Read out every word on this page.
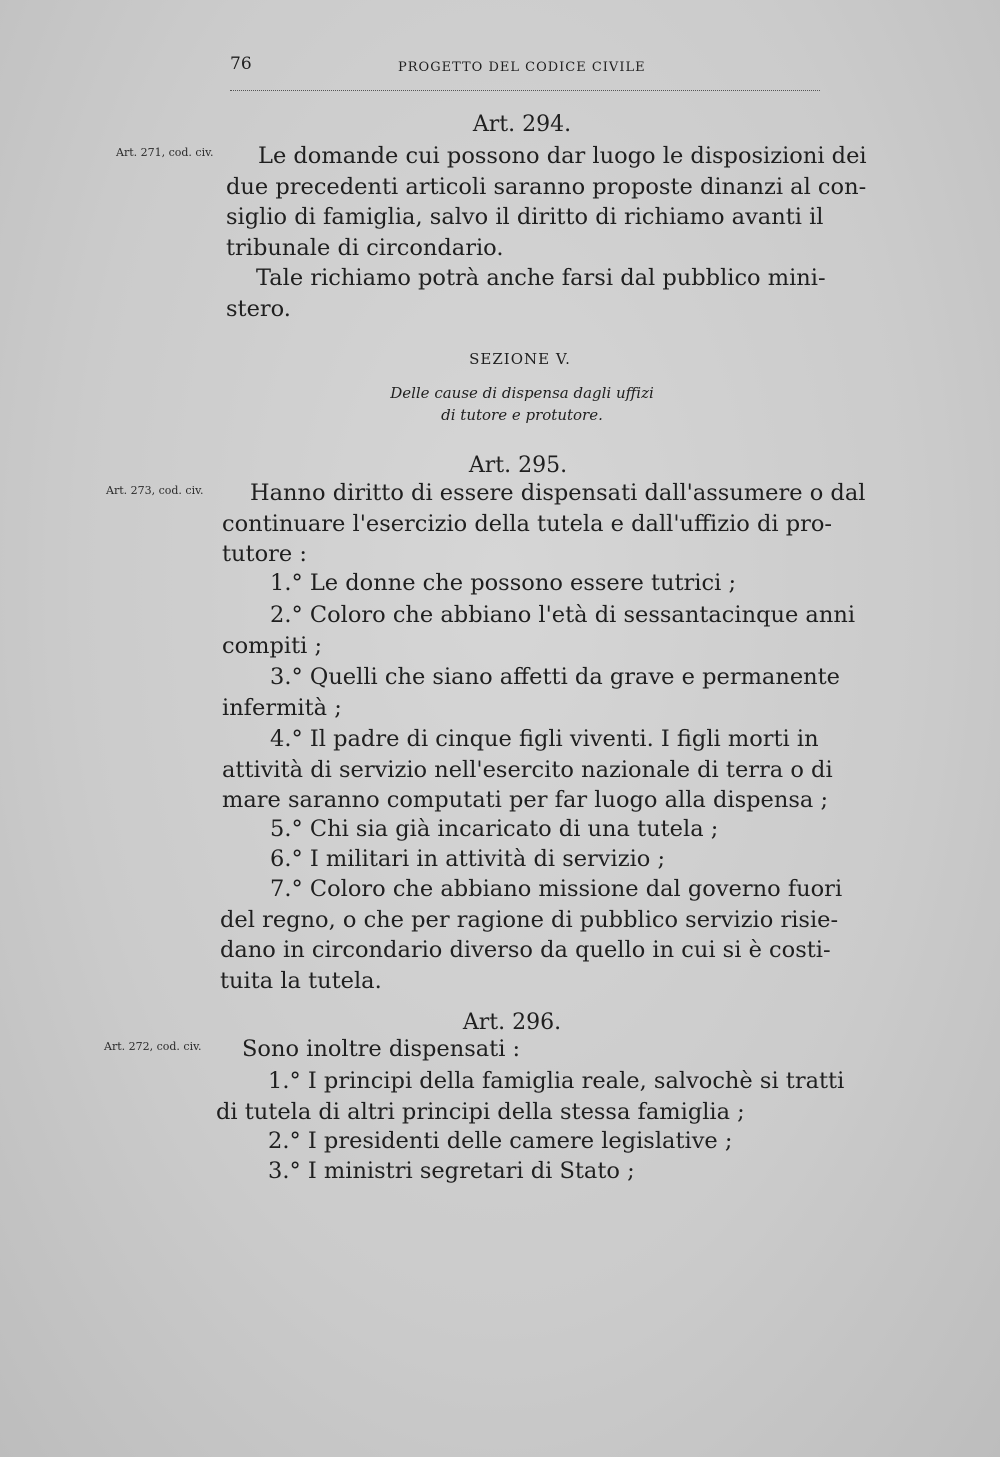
76	PROGETTO DEL CODICE CIVILE
Art. 294.
Art. 271, cod. civ.	Le domande cui possono dar luogo le disposizioni dei
due precedenti articoli saranno proposte dinanzi al con-
siglio di famiglia, salvo il diritto di richiamo avanti il
tribunale di circondario.
Tale richiamo potrà anche farsi dal pubblico mini-
stero.
SEZIONE V.
Delle cause di dispensa dagli uffizi
di tutore e protutore.
Art. 295.
Art. 273, cod. civ.	Hanno diritto di essere dispensati dall'assumere o dal
continuare l'esercizio della tutela e dall'uffizio di pro-
tutore :
1.° Le donne che possono essere tutrici ;
2.° Coloro che abbiano l'età di sessantacinque anni
compiti ;
3.° Quelli che siano affetti da grave e permanente
infermità ;
4.° Il padre di cinque figli viventi. I figli morti in
attività di servizio nell'esercito nazionale di terra o di
mare saranno computati per far luogo alla dispensa ;
5.° Chi sia già incaricato di una tutela ;
6.° I militari in attività di servizio ;
7.° Coloro che abbiano missione dal governo fuori
del regno, o che per ragione di pubblico servizio risie-
dano in circondario diverso da quello in cui si è costi-
tuita la tutela.
Art. 296.
Art. 272, cod. civ.	Sono inoltre dispensati :
1.° I principi della famiglia reale, salvochè si tratti
di tutela di altri principi della stessa famiglia ;
2.° I presidenti delle camere legislative ;
3.° I ministri segretari di Stato ;
